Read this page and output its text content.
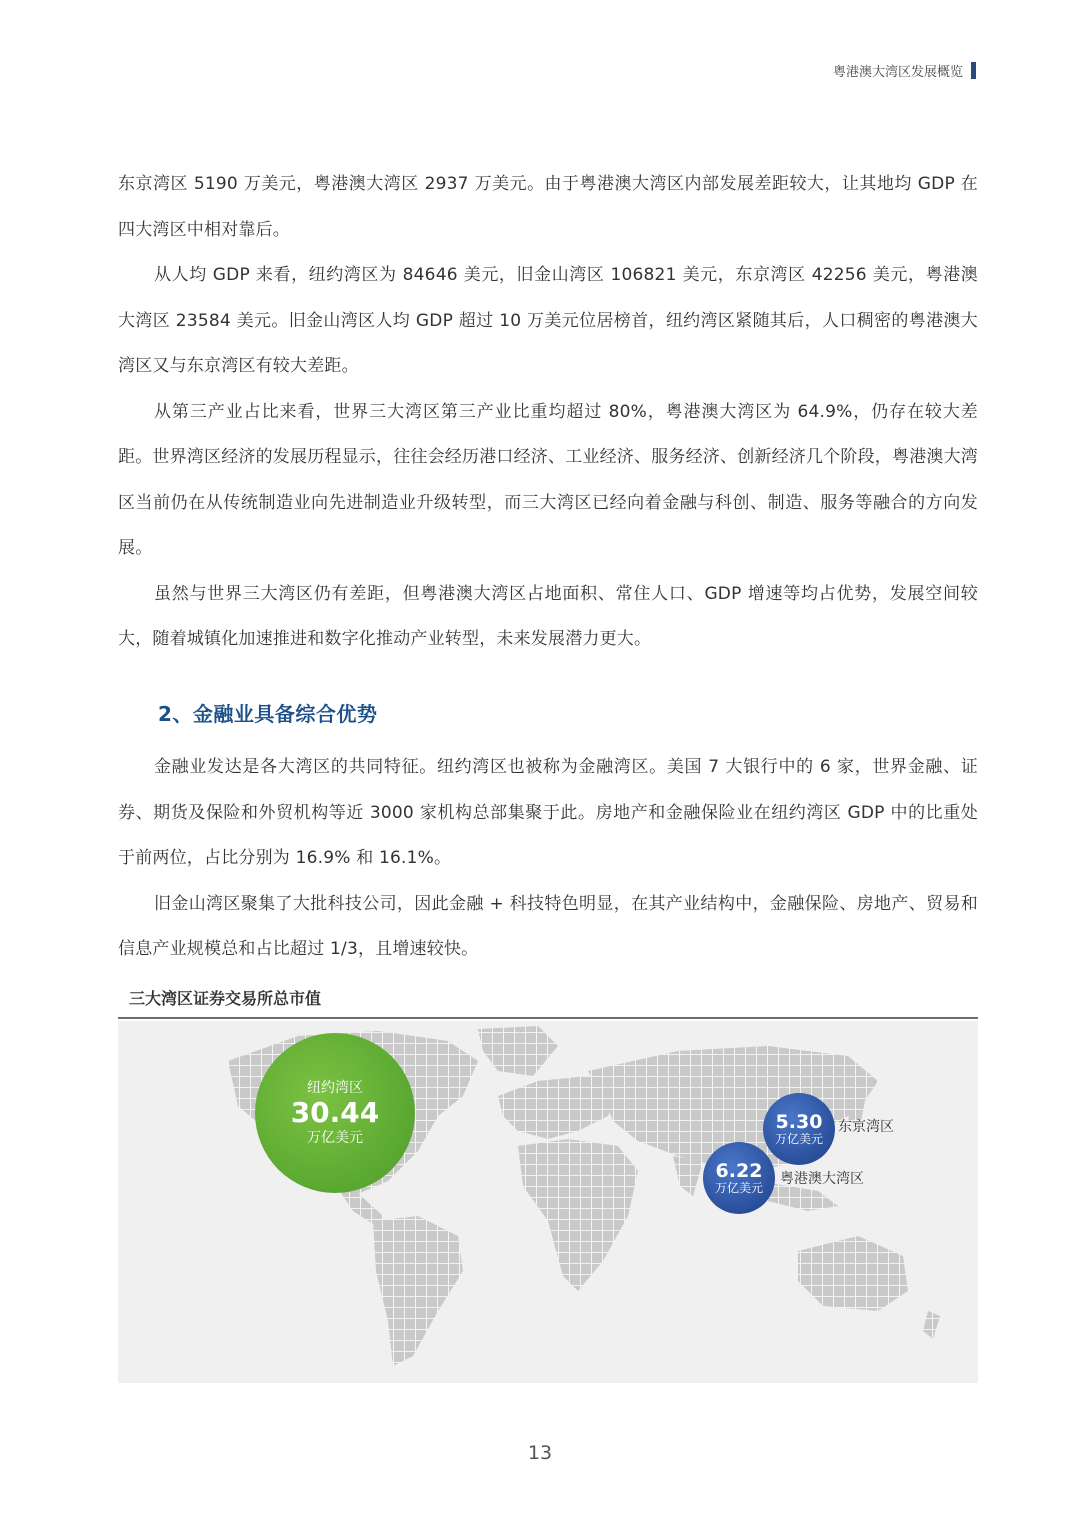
粤港澳大湾区发展概览

东京湾区 5190 万美元，粤港澳大湾区 2937 万美元。由于粤港澳大湾区内部发展差距较大，让其地均 GDP 在四大湾区中相对靠后。

从人均 GDP 来看，纽约湾区为 84646 美元，旧金山湾区 106821 美元，东京湾区 42256 美元，粤港澳大湾区 23584 美元。旧金山湾区人均 GDP 超过 10 万美元位居榜首，纽约湾区紧随其后，人口稠密的粤港澳大湾区又与东京湾区有较大差距。

从第三产业占比来看，世界三大湾区第三产业比重均超过 80%，粤港澳大湾区为 64.9%，仍存在较大差距。世界湾区经济的发展历程显示，往往会经历港口经济、工业经济、服务经济、创新经济几个阶段，粤港澳大湾区当前仍在从传统制造业向先进制造业升级转型，而三大湾区已经向着金融与科创、制造、服务等融合的方向发展。

虽然与世界三大湾区仍有差距，但粤港澳大湾区占地面积、常住人口、GDP 增速等均占优势，发展空间较大，随着城镇化加速推进和数字化推动产业转型，未来发展潜力更大。

2、金融业具备综合优势

金融业发达是各大湾区的共同特征。纽约湾区也被称为金融湾区。美国 7 大银行中的 6 家，世界金融、证券、期货及保险和外贸机构等近 3000 家机构总部集聚于此。房地产和金融保险业在纽约湾区 GDP 中的比重处于前两位，占比分别为 16.9% 和 16.1%。

旧金山湾区聚集了大批科技公司，因此金融 + 科技特色明显，在其产业结构中，金融保险、房地产、贸易和信息产业规模总和占比超过 1/3，且增速较快。

三大湾区证券交易所总市值
纽约湾区
30.44
万亿美元
5.30
万亿美元
东京湾区
6.22
万亿美元
粤港澳大湾区
13
